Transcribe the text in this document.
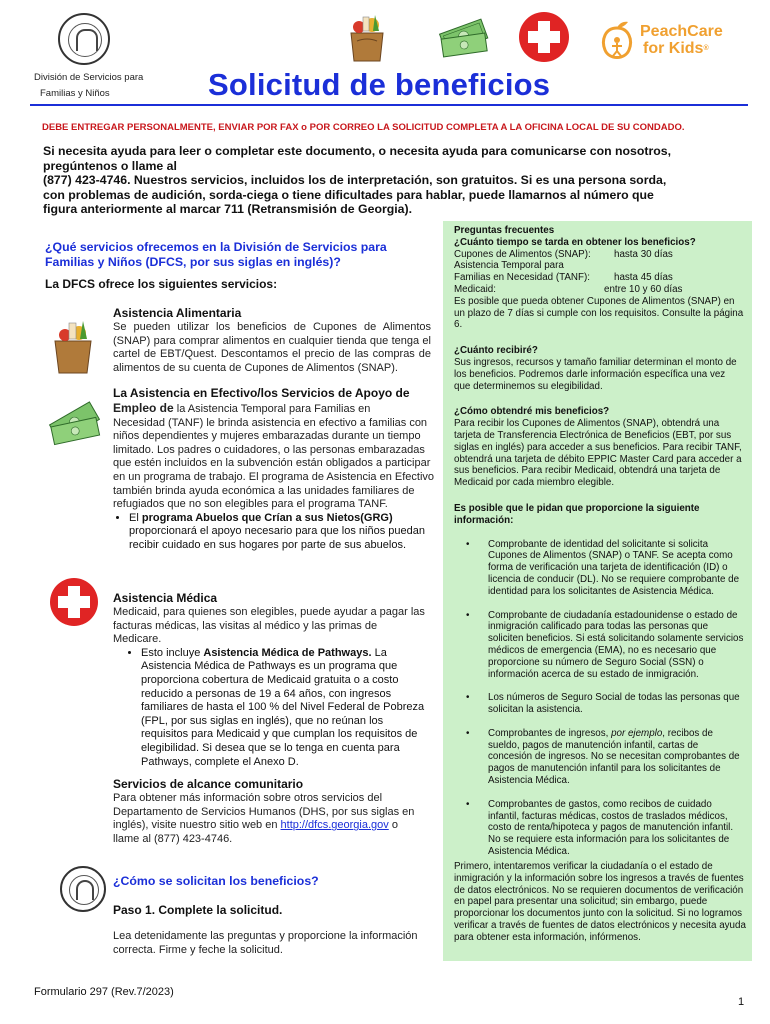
PeachCare
for Kids®
División de Servicios para
Familias y Niños	Solicitud de beneficios
DEBE ENTREGAR PERSONALMENTE, ENVIAR POR FAX o POR CORREO LA SOLICITUD COMPLETA A LA OFICINA LOCAL DE SU CONDADO.
Si necesita ayuda para leer o completar este documento, o necesita ayuda para comunicarse con nosotros,
pregúntenos o llame al
(877) 423-4746. Nuestros servicios, incluidos los de interpretación, son gratuitos. Si es una persona sorda,
con problemas de audición, sorda-ciega o tiene dificultades para hablar, puede llamarnos al número que
figura anteriormente al marcar 711 (Retransmisión de Georgia).
¿Qué servicios ofrecemos en la División de Servicios para Familias y Niños (DFCS, por sus siglas en inglés)?
La DFCS ofrece los siguientes servicios:
Asistencia Alimentaria
Se pueden utilizar los beneficios de Cupones de Alimentos (SNAP) para comprar alimentos en cualquier tienda que tenga el cartel de EBT/Quest. Descontamos el precio de las compras de alimentos de su cuenta de Cupones de Alimentos (SNAP).
La Asistencia en Efectivo/los Servicios de Apoyo de
Empleo de la Asistencia Temporal para Familias en
Necesidad (TANF) le brinda asistencia en efectivo a familias con niños dependientes y mujeres embarazadas durante un tiempo limitado. Los padres o cuidadores, o las personas embarazadas que estén incluidos en la subvención están obligados a participar en un programa de trabajo. El programa de Asistencia en Efectivo también brinda ayuda económica a las unidades familiares de refugiados que no son elegibles para el programa TANF.
• El programa Abuelos que Crían a sus Nietos(GRG) proporcionará el apoyo necesario para que los niños puedan recibir cuidado en sus hogares por parte de sus abuelos.
Asistencia Médica
Medicaid, para quienes son elegibles, puede ayudar a pagar las facturas médicas, las visitas al médico y las primas de Medicare.
• Esto incluye Asistencia Médica de Pathways. La Asistencia Médica de Pathways es un programa que proporciona cobertura de Medicaid gratuita o a costo reducido a personas de 19 a 64 años, con ingresos familiares de hasta el 100 % del Nivel Federal de Pobreza (FPL, por sus siglas en inglés), que no reúnan los requisitos para Medicaid y que cumplan los requisitos de elegibilidad. Si desea que se lo tenga en cuenta para Pathways, complete el Anexo D.
Servicios de alcance comunitario
Para obtener más información sobre otros servicios del Departamento de Servicios Humanos (DHS, por sus siglas en inglés), visite nuestro sitio web en http://dfcs.georgia.gov o llame al (877) 423-4746.
¿Cómo se solicitan los beneficios?
Paso 1. Complete la solicitud.
Lea detenidamente las preguntas y proporcione la información correcta. Firme y feche la solicitud.
Preguntas frecuentes
¿Cuánto tiempo se tarda en obtener los beneficios?
Cupones de Alimentos (SNAP):	hasta 30 días
Asistencia Temporal para
Familias en Necesidad (TANF):	hasta 45 días
Medicaid:	entre 10 y 60 días
Es posible que pueda obtener Cupones de Alimentos (SNAP) en un plazo de 7 días si cumple con los requisitos. Consulte la página 6.
¿Cuánto recibiré?
Sus ingresos, recursos y tamaño familiar determinan el monto de los beneficios. Podremos darle información específica una vez que determinemos su elegibilidad.
¿Cómo obtendré mis beneficios?
Para recibir los Cupones de Alimentos (SNAP), obtendrá una tarjeta de Transferencia Electrónica de Beneficios (EBT, por sus siglas en inglés) para acceder a sus beneficios. Para recibir TANF, obtendrá una tarjeta de débito EPPIC Master Card para acceder a sus beneficios. Para recibir Medicaid, obtendrá una tarjeta de Medicaid por cada miembro elegible.
Es posible que le pidan que proporcione la siguiente información:
• Comprobante de identidad del solicitante si solicita Cupones de Alimentos (SNAP) o TANF. Se acepta como forma de verificación una tarjeta de identificación (ID) o licencia de conducir (DL). No se requiere comprobante de identidad para los solicitantes de Asistencia Médica.
• Comprobante de ciudadanía estadounidense o estado de inmigración calificado para todas las personas que soliciten beneficios. Si está solicitando solamente servicios médicos de emergencia (EMA), no es necesario que proporcione su número de Seguro Social (SSN) o información acerca de su estado de inmigración.
• Los números de Seguro Social de todas las personas que solicitan la asistencia.
• Comprobantes de ingresos, por ejemplo, recibos de sueldo, pagos de manutención infantil, cartas de concesión de ingresos. No se necesitan comprobantes de pagos de manutención infantil para los solicitantes de Asistencia Médica.
• Comprobantes de gastos, como recibos de cuidado infantil, facturas médicas, costos de traslados médicos, costo de renta/hipoteca y pagos de manutención infantil. No se requiere esta información para los solicitantes de Asistencia Médica.
Primero, intentaremos verificar la ciudadanía o el estado de inmigración y la información sobre los ingresos a través de fuentes de datos electrónicos. No se requieren documentos de verificación en papel para presentar una solicitud; sin embargo, puede proporcionar los documentos junto con la solicitud. Si no logramos verificar a través de fuentes de datos electrónicos y necesita ayuda para obtener esta información, infórmenos.
Formulario 297 (Rev.7/2023)
1
